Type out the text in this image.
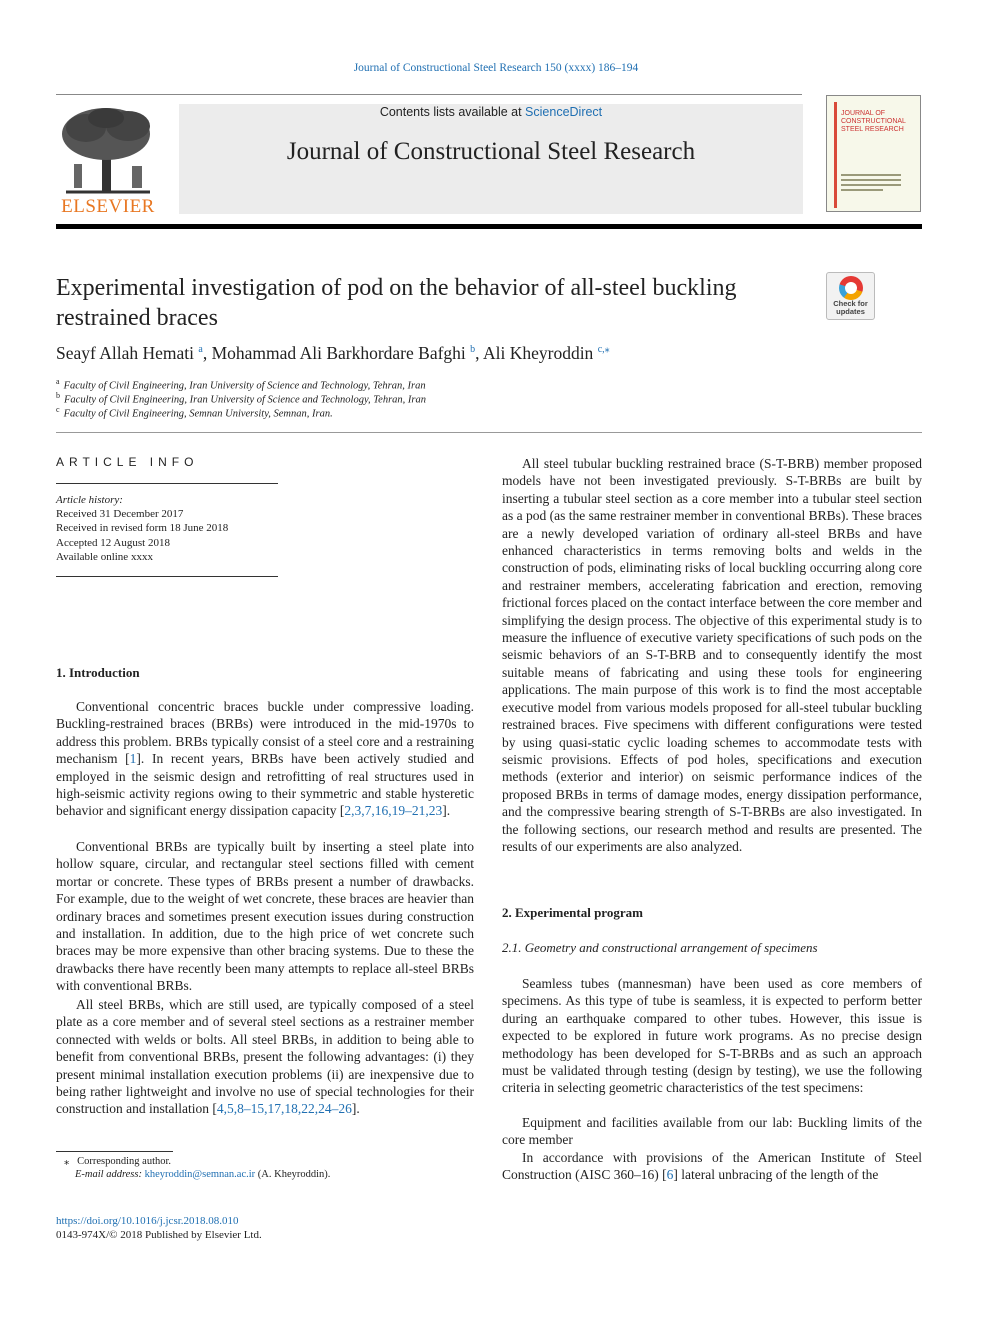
Journal of Constructional Steel Research 150 (xxxx) 186–194
ELSEVIER
Contents lists available at ScienceDirect
Journal of Constructional Steel Research
JOURNAL OF CONSTRUCTIONAL STEEL RESEARCH
Experimental investigation of pod on the behavior of all-steel buckling restrained braces
Check for updates
Seayf Allah Hemati $^a$, Mohammad Ali Barkhordare Bafghi $^b$, Ali Kheyroddin $^{c,⁎}$
$^a$ Faculty of Civil Engineering, Iran University of Science and Technology, Tehran, Iran
$^b$ Faculty of Civil Engineering, Iran University of Science and Technology, Tehran, Iran
$^c$ Faculty of Civil Engineering, Semnan University, Semnan, Iran.
ARTICLE INFO
Article history:
Received 31 December 2017
Received in revised form 18 June 2018
Accepted 12 August 2018
Available online xxxx
1. Introduction
Conventional concentric braces buckle under compressive loading. Buckling-restrained braces (BRBs) were introduced in the mid-1970s to address this problem. BRBs typically consist of a steel core and a restraining mechanism [1]. In recent years, BRBs have been actively studied and employed in the seismic design and retrofitting of real structures used in high-seismic activity regions owing to their symmetric and stable hysteretic behavior and significant energy dissipation capacity [2,3,7,16,19–21,23].
Conventional BRBs are typically built by inserting a steel plate into hollow square, circular, and rectangular steel sections filled with cement mortar or concrete. These types of BRBs present a number of drawbacks. For example, due to the weight of wet concrete, these braces are heavier than ordinary braces and sometimes present execution issues during construction and installation. In addition, due to the high price of wet concrete such braces may be more expensive than other bracing systems. Due to these the drawbacks there have recently been many attempts to replace all-steel BRBs with conventional BRBs.
All steel BRBs, which are still used, are typically composed of a steel plate as a core member and of several steel sections as a restrainer member connected with welds or bolts. All steel BRBs, in addition to being able to benefit from conventional BRBs, present the following advantages: (i) they present minimal installation execution problems (ii) are inexpensive due to being rather lightweight and involve no use of special technologies for their construction and installation [4,5,8–15,17,18,22,24–26].
All steel tubular buckling restrained brace (S-T-BRB) member proposed models have not been investigated previously. S-T-BRBs are built by inserting a tubular steel section as a core member into a tubular steel section as a pod (as the same restrainer member in conventional BRBs). These braces are a newly developed variation of ordinary all-steel BRBs and have enhanced characteristics in terms removing bolts and welds in the construction of pods, eliminating risks of local buckling occurring along core and restrainer members, accelerating fabrication and erection, removing frictional forces placed on the contact interface between the core member and simplifying the design process. The objective of this experimental study is to measure the influence of executive variety specifications of such pods on the seismic behaviors of an S-T-BRB and to consequently identify the most suitable means of fabricating and using these tools for engineering applications. The main purpose of this work is to find the most acceptable executive model from various models proposed for all-steel tubular buckling restrained braces. Five specimens with different configurations were tested by using quasi-static cyclic loading schemes to accommodate tests with seismic provisions. Effects of pod holes, specifications and execution methods (exterior and interior) on seismic performance indices of the proposed BRBs in terms of damage modes, energy dissipation performance, and the compressive bearing strength of S-T-BRBs are also investigated. In the following sections, our research method and results are presented. The results of our experiments are also analyzed.
2. Experimental program
2.1. Geometry and constructional arrangement of specimens
Seamless tubes (mannesman) have been used as core members of specimens. As this type of tube is seamless, it is expected to perform better during an earthquake compared to other tubes. However, this issue is expected to be explored in future work programs. As no precise design methodology has been developed for S-T-BRBs and as such an approach must be validated through testing (design by testing), we use the following criteria in selecting geometric characteristics of the test specimens:
Equipment and facilities available from our lab: Buckling limits of the core member
In accordance with provisions of the American Institute of Steel Construction (AISC 360–16) [6] lateral unbracing of the length of the
⁎ Corresponding author.
E-mail address: kheyroddin@semnan.ac.ir (A. Kheyroddin).
https://doi.org/10.1016/j.jcsr.2018.08.010
0143-974X/© 2018 Published by Elsevier Ltd.
